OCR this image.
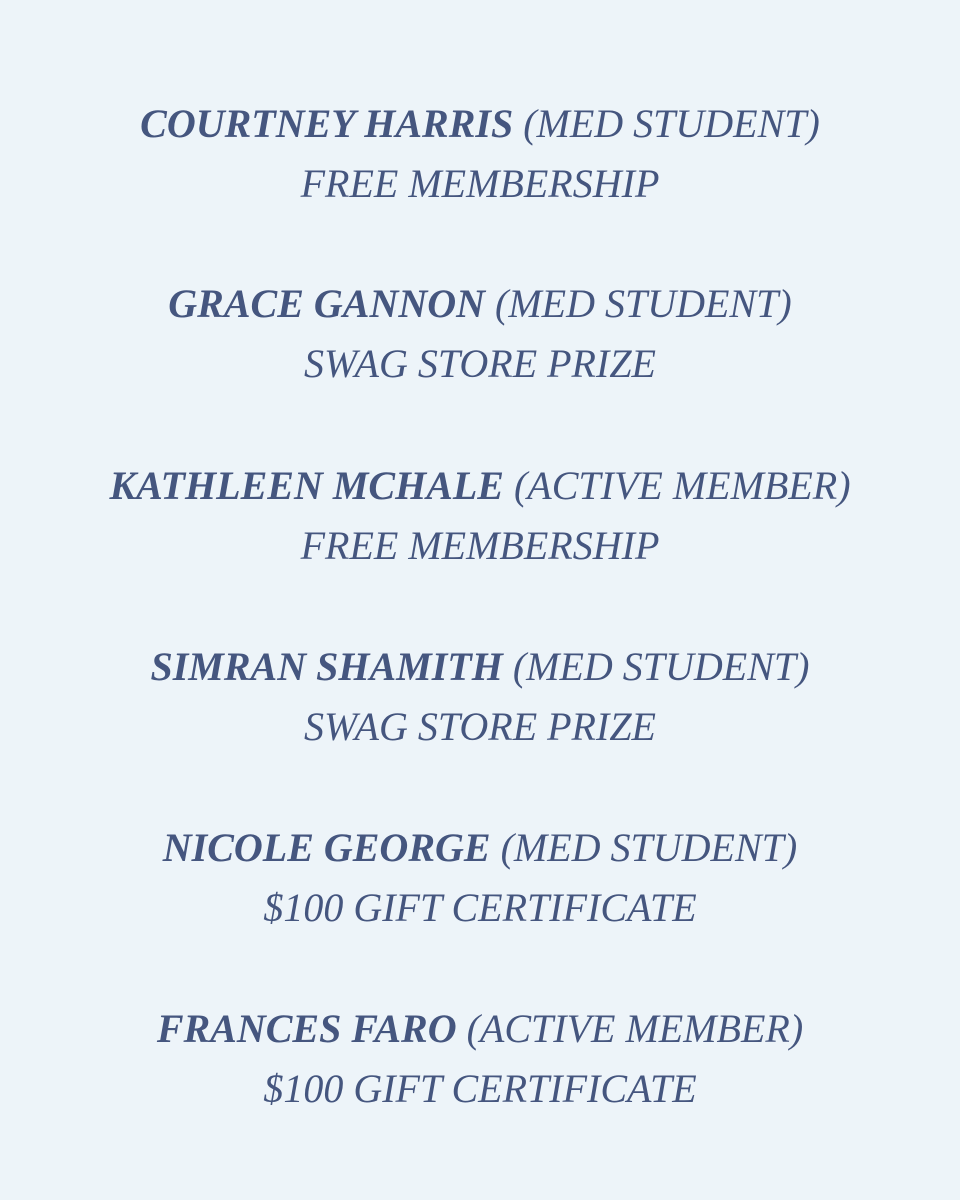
COURTNEY HARRIS (MED STUDENT)
FREE MEMBERSHIP
GRACE GANNON (MED STUDENT)
SWAG STORE PRIZE
KATHLEEN MCHALE (ACTIVE MEMBER)
FREE MEMBERSHIP
SIMRAN SHAMITH (MED STUDENT)
SWAG STORE PRIZE
NICOLE GEORGE (MED STUDENT)
$100 GIFT CERTIFICATE
FRANCES FARO (ACTIVE MEMBER)
$100 GIFT CERTIFICATE
